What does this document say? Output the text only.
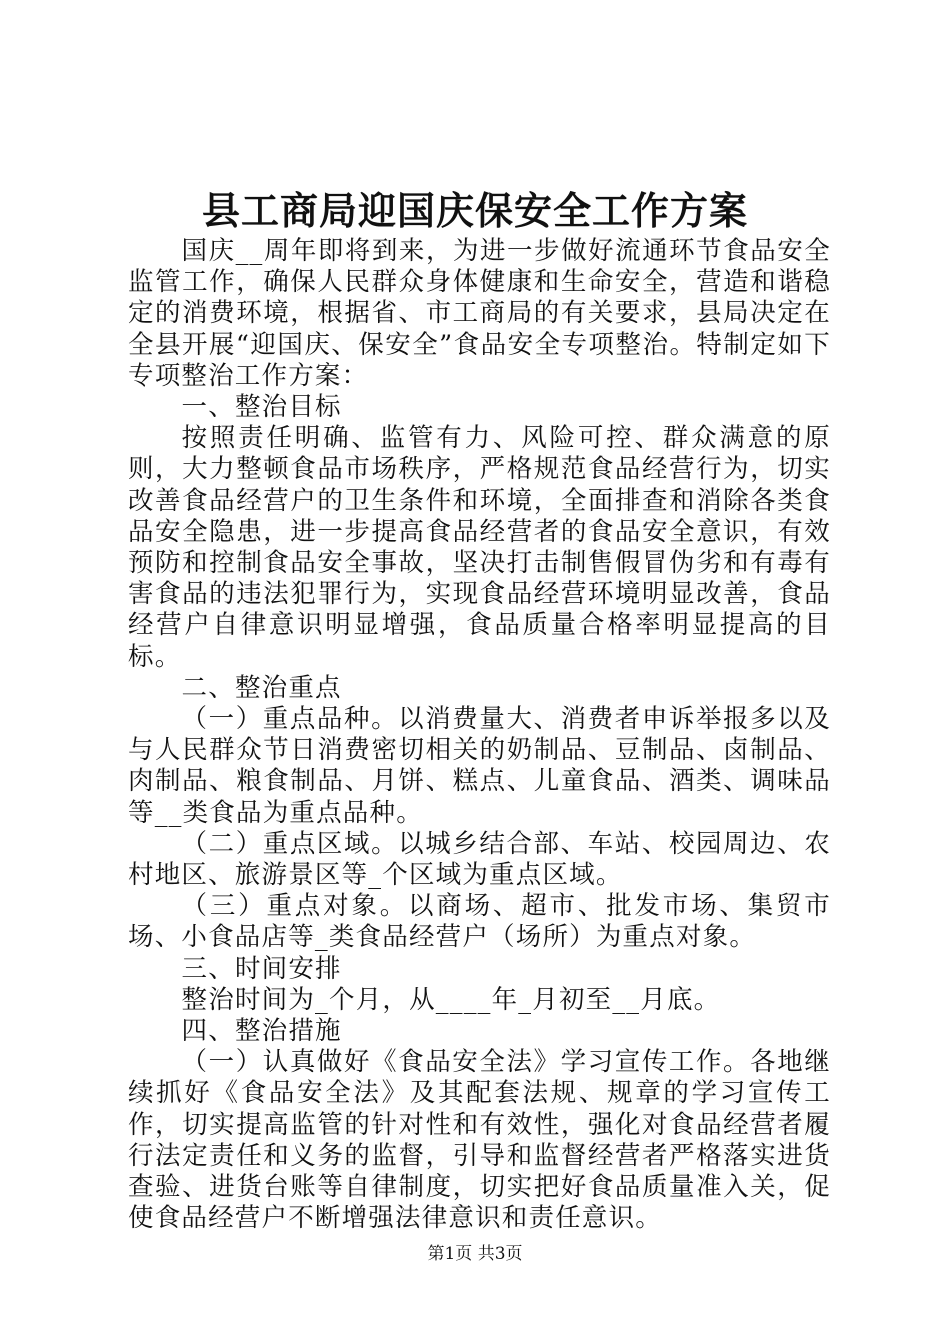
县工商局迎国庆保安全工作方案

国庆__周年即将到来，为进一步做好流通环节食品安全监管工作，确保人民群众身体健康和生命安全，营造和谐稳定的消费环境，根据省、市工商局的有关要求，县局决定在全县开展“迎国庆、保安全”食品安全专项整治。特制定如下专项整治工作方案：

一、整治目标

按照责任明确、监管有力、风险可控、群众满意的原则，大力整顿食品市场秩序，严格规范食品经营行为，切实改善食品经营户的卫生条件和环境，全面排查和消除各类食品安全隐患，进一步提高食品经营者的食品安全意识，有效预防和控制食品安全事故，坚决打击制售假冒伪劣和有毒有害食品的违法犯罪行为，实现食品经营环境明显改善，食品经营户自律意识明显增强，食品质量合格率明显提高的目标。

二、整治重点

（一）重点品种。以消费量大、消费者申诉举报多以及与人民群众节日消费密切相关的奶制品、豆制品、卤制品、肉制品、粮食制品、月饼、糕点、儿童食品、酒类、调味品等__类食品为重点品种。

（二）重点区域。以城乡结合部、车站、校园周边、农村地区、旅游景区等_个区域为重点区域。

（三）重点对象。以商场、超市、批发市场、集贸市场、小食品店等_类食品经营户（场所）为重点对象。

三、时间安排

整治时间为_个月，从____年_月初至__月底。

四、整治措施

（一）认真做好《食品安全法》学习宣传工作。各地继续抓好《食品安全法》及其配套法规、规章的学习宣传工作，切实提高监管的针对性和有效性，强化对食品经营者履行法定责任和义务的监督，引导和监督经营者严格落实进货查验、进货台账等自律制度，切实把好食品质量准入关，促使食品经营户不断增强法律意识和责任意识。

第1页 共3页
